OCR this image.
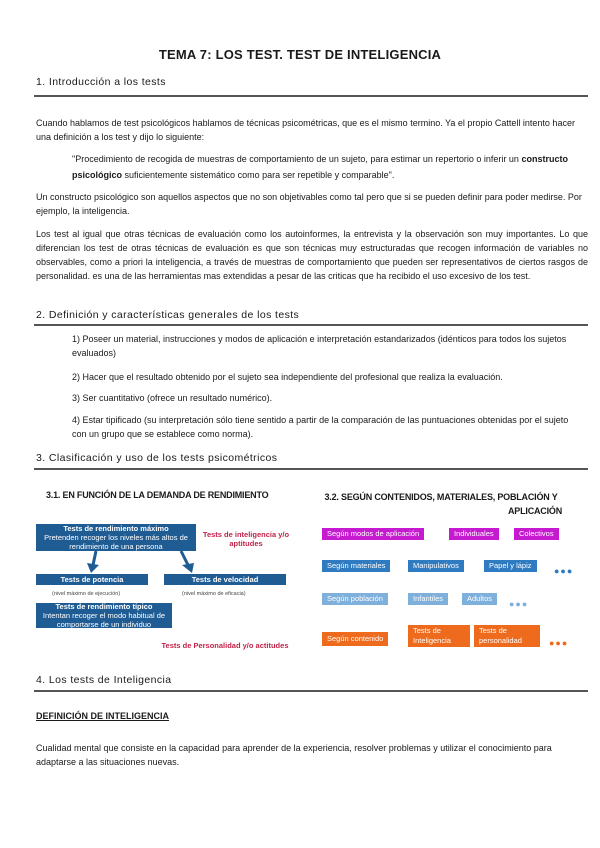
TEMA 7: LOS TEST. TEST DE INTELIGENCIA
1. Introducción a los tests
Cuando hablamos de test psicológicos hablamos de técnicas psicométricas, que es el mismo termino. Ya el propio Cattell intento hacer una definición a los test y dijo lo siguiente:
"Procedimiento de recogida de muestras de comportamiento de un sujeto, para estimar un repertorio o inferir un constructo psicológico suficientemente sistemático como para ser repetible y comparable".
Un constructo psicológico son aquellos aspectos que no son objetivables como tal pero que si se pueden definir para poder medirse. Por ejemplo, la inteligencia.
Los test al igual que otras técnicas de evaluación como los autoinformes, la entrevista y la observación son muy importantes. Lo que diferencian los test de otras técnicas de evaluación es que son técnicas muy estructuradas que recogen información de variables no observables, como a priori la inteligencia, a través de muestras de comportamiento que pueden ser representativos de ciertos rasgos de personalidad. es una de las herramientas mas extendidas a pesar de las criticas que ha recibido el uso excesivo de los test.
2. Definición y características generales de los tests
1) Poseer un material, instrucciones y modos de aplicación e interpretación estandarizados (idénticos para todos los sujetos evaluados)
2) Hacer que el resultado obtenido por el sujeto sea independiente del profesional que realiza la evaluación.
3) Ser cuantitativo (ofrece un resultado numérico).
4) Estar tipificado (su interpretación sólo tiene sentido a partir de la comparación de las puntuaciones obtenidas por el sujeto con un grupo que se establece como norma).
3. Clasificación y uso de los tests psicométricos
3.1. EN FUNCIÓN DE LA DEMANDA DE RENDIMIENTO
Tests de rendimiento máximo
Pretenden recoger los niveles más altos de rendimiento de una persona
Tests de inteligencia y/o aptitudes
Tests de potencia
(nivel máximo de ejecución)
Tests de velocidad
(nivel máximo de eficacia)
Tests de rendimiento típico
Intentan recoger el modo habitual de comportarse de un individuo
Tests de Personalidad y/o actitudes
3.2. SEGÚN CONTENIDOS, MATERIALES, POBLACIÓN Y
APLICACIÓN
Según modos de aplicación	Individuales	Colectivos
Según materiales	Manipulativos	Papel y lápiz
●●●
Según población	Infantiles	Adultos
●●●
Según contenido
Tests de Inteligencia
Tests de personalidad	●●●
4. Los tests de Inteligencia
DEFINICIÓN DE INTELIGENCIA
Cualidad mental que consiste en la capacidad para aprender de la experiencia, resolver problemas y utilizar el conocimiento para adaptarse a las situaciones nuevas.
